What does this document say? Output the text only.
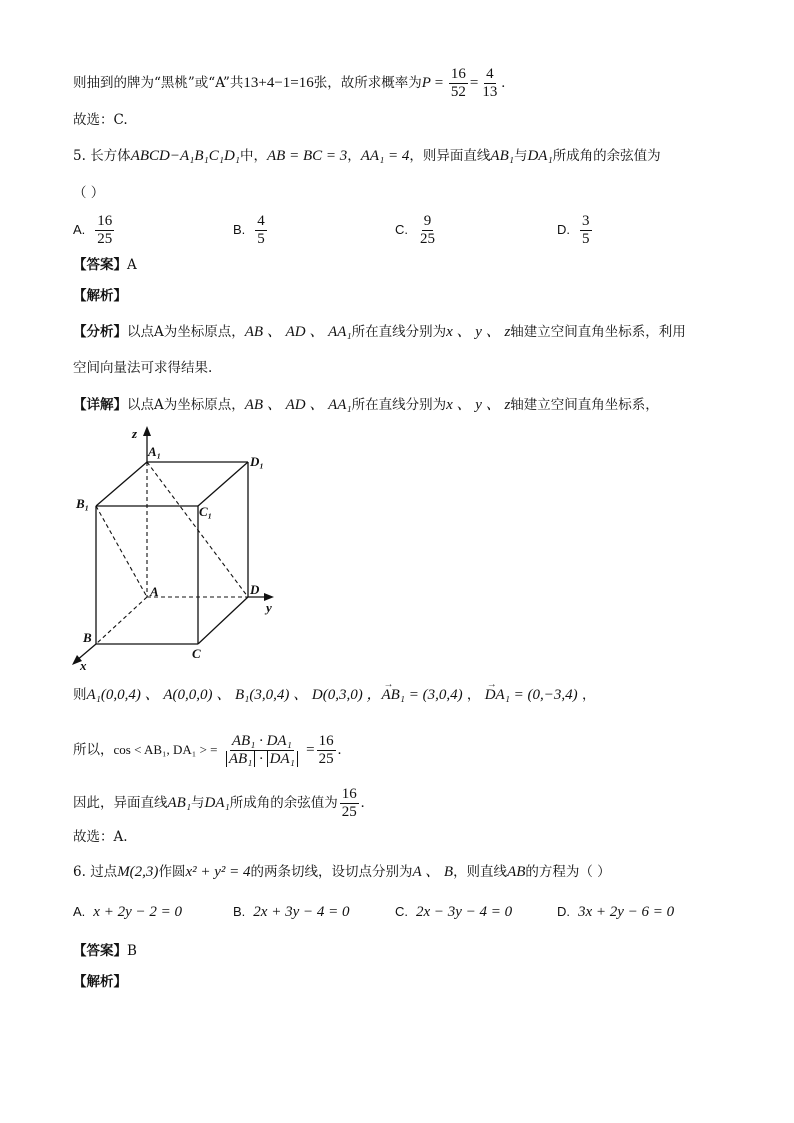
则抽到的牌为“黑桃”或“A”共13+4−1=16张，故所求概率为$P = \frac{16}{52} = \frac{4}{13}$ .
故选：C.
5. 长方体ABCD−A₁B₁C₁D₁中，AB = BC = 3，AA₁ = 4，则异面直线AB₁与DA₁所成角的余弦值为
（ ）
A. $\frac{16}{25}$	B. $\frac{4}{5}$	C. $\frac{9}{25}$	D. $\frac{3}{5}$
【答案】A
【解析】
【分析】以点A为坐标原点，AB 、 AD 、 AA₁所在直线分别为x 、 y 、 z轴建立空间直角坐标系，利用
空间向量法可求得结果.
【详解】以点A为坐标原点，AB 、 AD 、 AA₁所在直线分别为x 、 y 、 z轴建立空间直角坐标系，
z
y
x
A₁
D₁
B₁
C₁
A	D
B
C
则A₁(0,0,4) 、 A(0,0,0) 、 B₁(3,0,4) 、 D(0,3,0) ，→ AB₁ = (3,0,4) ， → DA₁ = (0,−3,4) ，
所以，cos < AB₁, DA₁ > = $\frac{\text{AB₁ · DA₁}}{\text{AB₁ · DA₁}} = \frac{16}{25}$ .
因此，异面直线AB₁与DA₁所成角的余弦值为 $\frac{16}{25}$ .
故选：A.
6. 过点M(2,3)作圆x² + y² = 4的两条切线，设切点分别为A 、 B，则直线AB的方程为（ ）
A. x + 2y − 2 = 0	B. 2x + 3y − 4 = 0	C. 2x − 3y − 4 = 0	D. 3x + 2y − 6 = 0
【答案】B
【解析】
